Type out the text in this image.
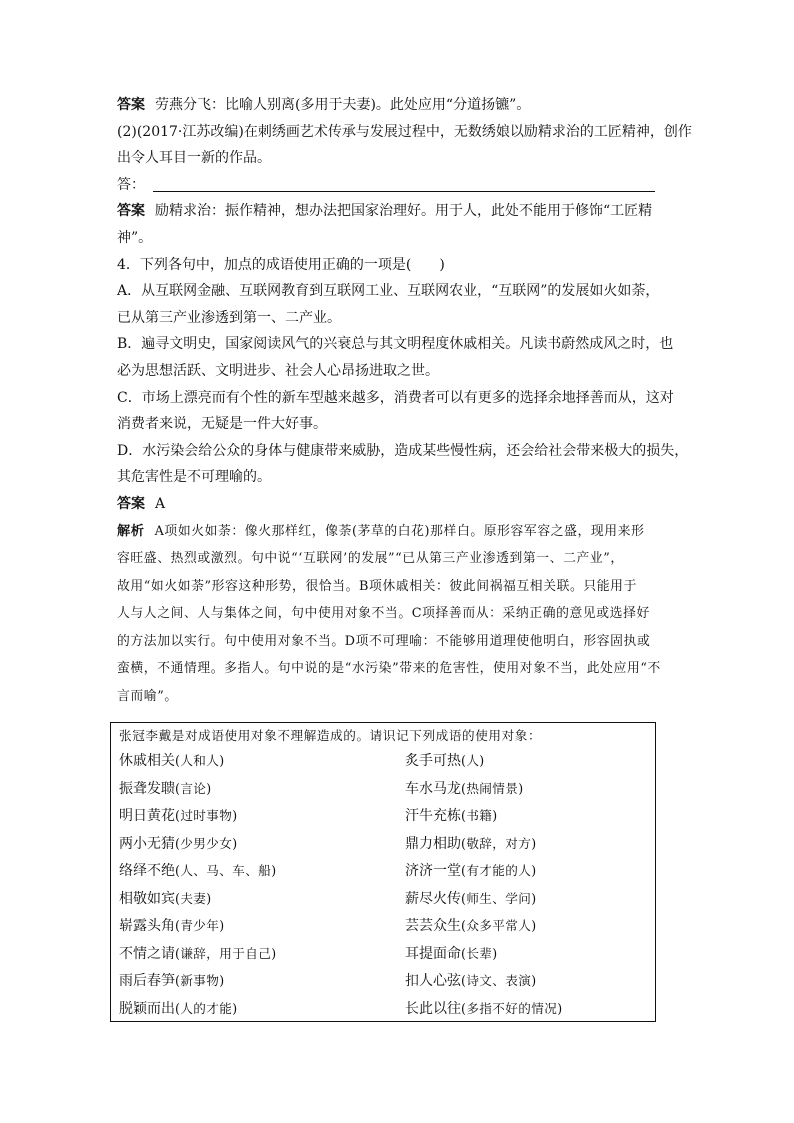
答案 劳燕分飞：比喻人别离(多用于夫妻)。此处应用“分道扬镳”。
(2)(2017·江苏改编)在刺绣画艺术传承与发展过程中，无数绣娘以励精求治的工匠精神，创作
出令人耳目一新的作品。
答：
答案 励精求治：振作精神，想办法把国家治理好。用于人，此处不能用于修饰“工匠精
神”。
4．下列各句中，加点的成语使用正确的一项是(　　)
A．从互联网金融、互联网教育到互联网工业、互联网农业，“互联网”的发展如火如荼，
已从第三产业渗透到第一、二产业。
B．遍寻文明史，国家阅读风气的兴衰总与其文明程度休戚相关。凡读书蔚然成风之时，也
必为思想活跃、文明进步、社会人心昂扬进取之世。
C．市场上漂亮而有个性的新车型越来越多，消费者可以有更多的选择余地择善而从，这对
消费者来说，无疑是一件大好事。
D．水污染会给公众的身体与健康带来威胁，造成某些慢性病，还会给社会带来极大的损失，
其危害性是不可理喻的。
答案 A
解析 A项如火如荼：像火那样红，像荼(茅草的白花)那样白。原形容军容之盛，现用来形
容旺盛、热烈或激烈。句中说“‘互联网’的发展”“已从第三产业渗透到第一、二产业”，
故用“如火如荼”形容这种形势，很恰当。B项休戚相关：彼此间祸福互相关联。只能用于
人与人之间、人与集体之间，句中使用对象不当。C项择善而从：采纳正确的意见或选择好
的方法加以实行。句中使用对象不当。D项不可理喻：不能够用道理使他明白，形容固执或
蛮横，不通情理。多指人。句中说的是“水污染”带来的危害性，使用对象不当，此处应用“不
言而喻”。
张冠李戴是对成语使用对象不理解造成的。请识记下列成语的使用对象：
休戚相关(人和人)	炙手可热(人)
振聋发聩(言论)	车水马龙(热闹情景)
明日黄花(过时事物)	汗牛充栋(书籍)
两小无猜(少男少女)	鼎力相助(敬辞，对方)
络绎不绝(人、马、车、船)	济济一堂(有才能的人)
相敬如宾(夫妻)	薪尽火传(师生、学问)
崭露头角(青少年)	芸芸众生(众多平常人)
不情之请(谦辞，用于自己)	耳提面命(长辈)
雨后春笋(新事物)	扣人心弦(诗文、表演)
脱颖而出(人的才能)	长此以往(多指不好的情况)
